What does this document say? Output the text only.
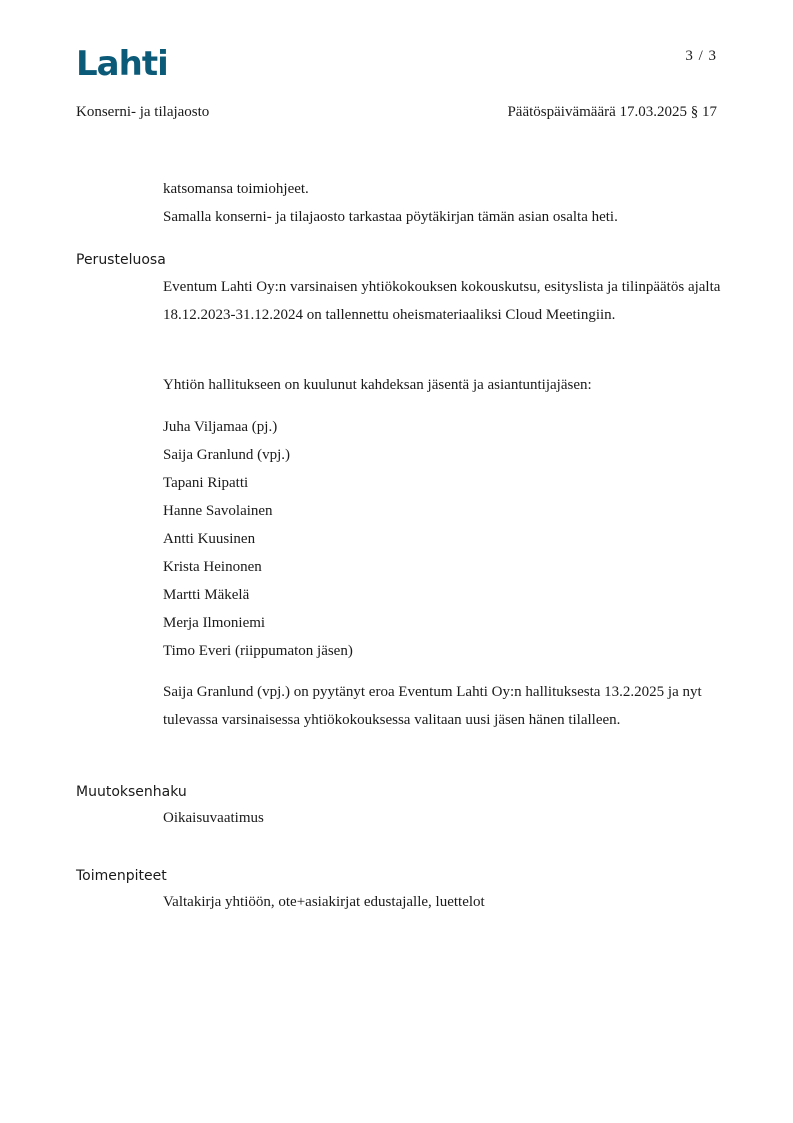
Lahti	3 / 3
Konserni- ja tilajaosto	Päätöspäivämäärä 17.03.2025 § 17

katsomansa toimiohjeet.

Samalla konserni- ja tilajaosto tarkastaa pöytäkirjan tämän asian osalta heti.

Perusteluosa

Eventum Lahti Oy:n varsinaisen yhtiökokouksen kokouskutsu, esityslista ja tilinpäätös ajalta 18.12.2023-31.12.2024 on tallennettu oheismateriaaliksi Cloud Meetingiin.

Yhtiön hallitukseen on kuulunut kahdeksan jäsentä ja asiantuntijajäsen:

Juha Viljamaa (pj.)
Saija Granlund (vpj.)
Tapani Ripatti
Hanne Savolainen
Antti Kuusinen
Krista Heinonen
Martti Mäkelä
Merja Ilmoniemi
Timo Everi (riippumaton jäsen)

Saija Granlund (vpj.) on pyytänyt eroa Eventum Lahti Oy:n hallituksesta 13.2.2025 ja nyt tulevassa varsinaisessa yhtiökokouksessa valitaan uusi jäsen hänen tilalleen.

Muutoksenhaku

Oikaisuvaatimus

Toimenpiteet

Valtakirja yhtiöön, ote+asiakirjat edustajalle, luettelot
